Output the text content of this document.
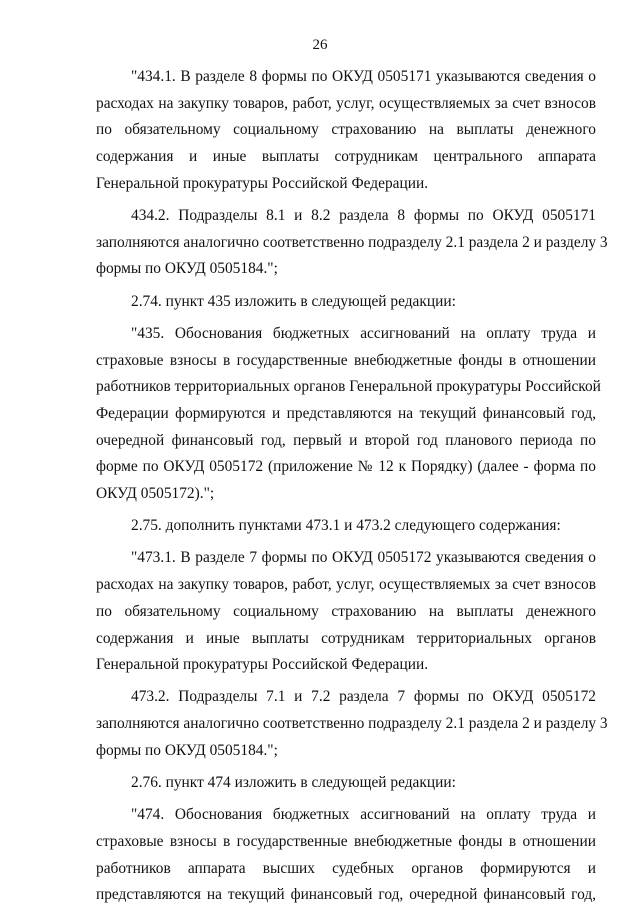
26
"434.1. В разделе 8 формы по ОКУД 0505171 указываются сведения о
расходах на закупку товаров, работ, услуг, осуществляемых за счет взносов
по обязательному социальному страхованию на выплаты денежного
содержания и иные выплаты сотрудникам центрального аппарата
Генеральной прокуратуры Российской Федерации.
434.2. Подразделы 8.1 и 8.2 раздела 8 формы по ОКУД 0505171
заполняются аналогично соответственно подразделу 2.1 раздела 2 и разделу 3
формы по ОКУД 0505184.";
2.74. пункт 435 изложить в следующей редакции:
"435. Обоснования бюджетных ассигнований на оплату труда и
страховые взносы в государственные внебюджетные фонды в отношении
работников территориальных органов Генеральной прокуратуры Российской
Федерации формируются и представляются на текущий финансовый год,
очередной финансовый год, первый и второй год планового периода по
форме по ОКУД 0505172 (приложение № 12 к Порядку) (далее - форма по
ОКУД 0505172).";
2.75. дополнить пунктами 473.1 и 473.2 следующего содержания:
"473.1. В разделе 7 формы по ОКУД 0505172 указываются сведения о
расходах на закупку товаров, работ, услуг, осуществляемых за счет взносов
по обязательному социальному страхованию на выплаты денежного
содержания и иные выплаты сотрудникам территориальных органов
Генеральной прокуратуры Российской Федерации.
473.2. Подразделы 7.1 и 7.2 раздела 7 формы по ОКУД 0505172
заполняются аналогично соответственно подразделу 2.1 раздела 2 и разделу 3
формы по ОКУД 0505184.";
2.76. пункт 474 изложить в следующей редакции:
"474. Обоснования бюджетных ассигнований на оплату труда и
страховые взносы в государственные внебюджетные фонды в отношении
работников аппарата высших судебных органов формируются и
представляются на текущий финансовый год, очередной финансовый год,
